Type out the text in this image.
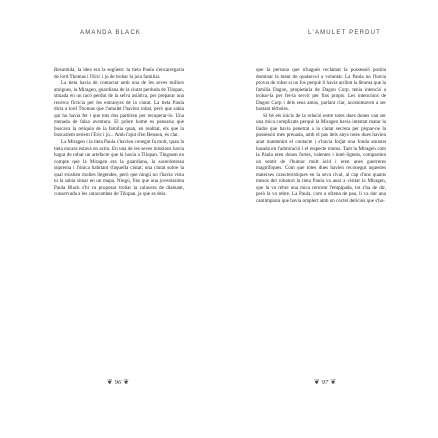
AMANDA BLACK

Resumida, la idea era la següent: la tieta Paula s'encarregaria de lord Thomas i l'Eric i jo de trobar la joia familiar.

La tieta havia de contactar amb una de les seves millors amigues, la Miragen, guardiana de la ciutat perduda de Tilopan, situada en un racó perdut de la selva asiàtica, per preparar una recerca ficticia per les entranyes de la ciutat. La tieta Paula diria a lord Thomas que l'amulet l'havien robat, però que sabia qui ho havia fet i que tots dos partirien per recuperar-lo. Una menada de falsa aventura. El pobre home es pensaria que buscava la relíquia de la família quan, en realitat, els que la buscaríem seríem l'Eric i jo... Amb l'ajut d'en Benson, és clar.

La Miragen i la tieta Paula s'havien conegut fa molt, quan la tieta encara estava en actiu. En una de les seves missions havia hagut de robar un artefacte que hi havia a Tilopan. Tinguem en compte que la Miragen era la guardiana, la sacerdotessa suprema i l'única habitant d'aquella ciutat; una ciutat sobre la qual existien moltes llegendes, però que ningú no l'havia vista ni la sabia situar en un mapa. Ningú, fins que una jovenissima Paula Black s'hi va proposar trobar la calavera de diamant, conservada a les catacumbes de Tilopan, ja que es deia

❦ 96 ❦
L'AMULET PERDUT

que la persona que n'hagués reclamat la possessió podria dominar la ment de qualsevol a voluntat. La Paula no l'havia provat de robar si no fos perquè li havia arribat la lleuma que la família Dagon, propietària de Dagon Corp, tenia intenció a trobar-la per fer-la servir per fins propis. Les intencions de Dagon Corp i dels seus amos, parlant clar, acostumaven a ser bastant tèrboles.

Si bé els inicis de la relació entre totes dues dones van ser una mica complicats perquè la Miragen havia intentat matar la lladre que havia penetrat a la ciutat secreta per pispar-ne la possessió més preuada, amb el pas dels anys totes dues havien anat mantenint el contacte i s'havia forjat una fonda amistat basada en l'admiració i el respecte mutus. Tant la Miragen com la Paula eren dones fortes, valentes i intel·ligents, compartien un sentit de l'humor molt àcid i eren unes guerreres magnífiques. Com que totes dues havien reconegut aquestes mateixes característiques en la seva rival, al cap d'uns quants mesos del robatori la tieta Paula va anar a visitar la Miragen, que la va rebre una mica reticent l'empipada, tot s'ha de dir, però la va rebre. La Paula, com a ofrena de pau, li va dur una cantimplora que havia omplert amb un còctel deliciós que s'ha-

❦ 97 ❦
